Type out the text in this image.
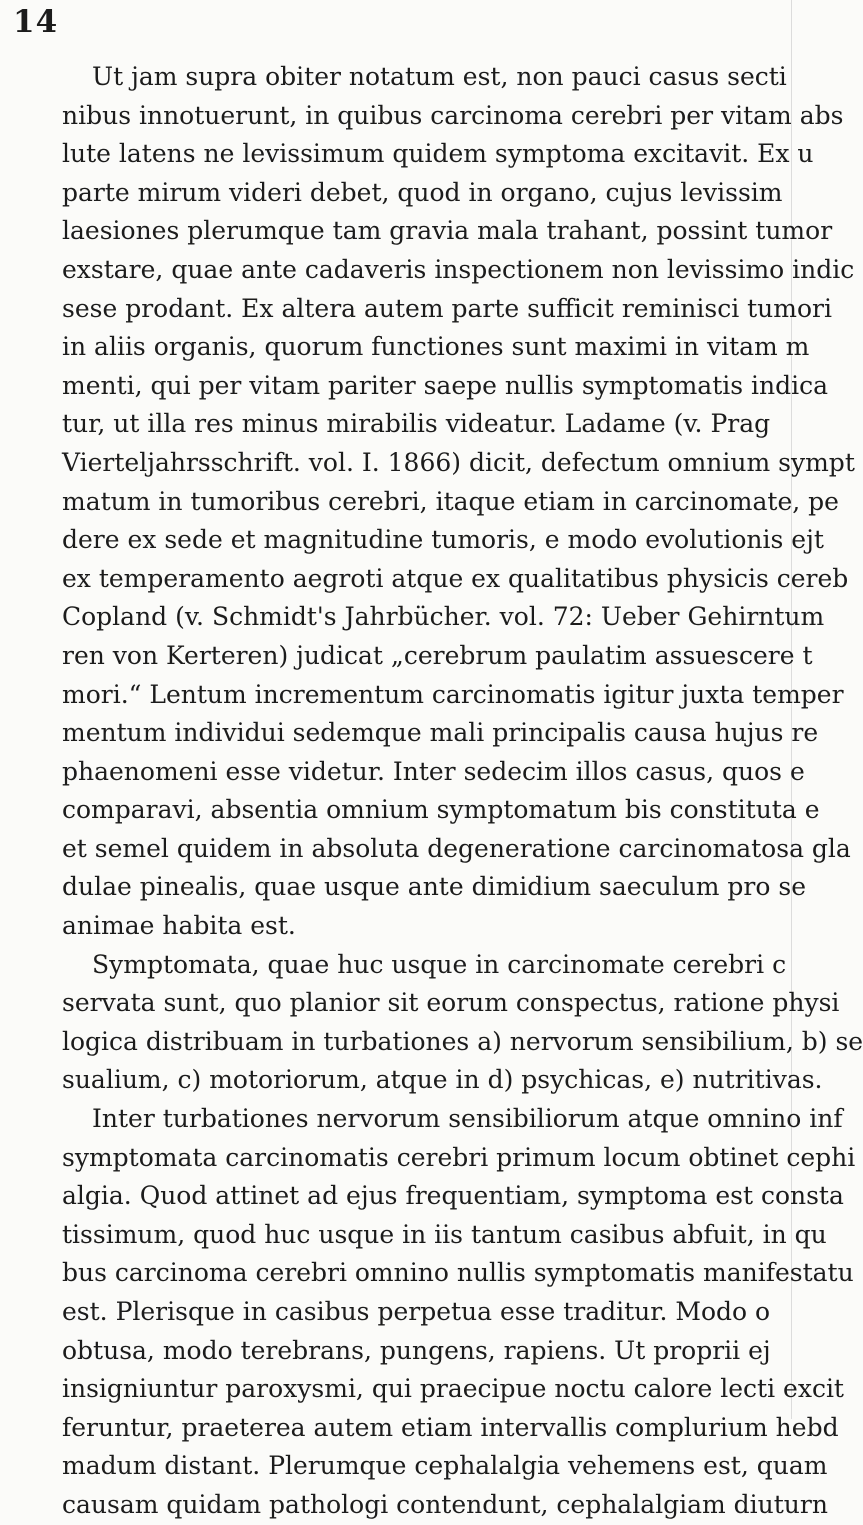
14
Ut jam supra obiter notatum est, non pauci casus secti
nibus innotuerunt, in quibus carcinoma cerebri per vitam abs
lute latens ne levissimum quidem symptoma excitavit. Ex u
parte mirum videri debet, quod in organo, cujus levissim
laesiones plerumque tam gravia mala trahant, possint tumor
exstare, quae ante cadaveris inspectionem non levissimo indic
sese prodant. Ex altera autem parte sufficit reminisci tumori
in aliis organis, quorum functiones sunt maximi in vitam m
menti, qui per vitam pariter saepe nullis symptomatis indica
tur, ut illa res minus mirabilis videatur. Ladame (v. Prag
Vierteljahrsschrift. vol. I. 1866) dicit, defectum omnium sympt
matum in tumoribus cerebri, itaque etiam in carcinomate, pe
dere ex sede et magnitudine tumoris, e modo evolutionis ejt
ex temperamento aegroti atque ex qualitatibus physicis cereb
Copland (v. Schmidt's Jahrbücher. vol. 72: Ueber Gehirntum
ren von Kerteren) judicat „cerebrum paulatim assuescere t
mori.“ Lentum incrementum carcinomatis igitur juxta temper
mentum individui sedemque mali principalis causa hujus re
phaenomeni esse videtur. Inter sedecim illos casus, quos e
comparavi, absentia omnium symptomatum bis constituta e
et semel quidem in absoluta degeneratione carcinomatosa gla
dulae pinealis, quae usque ante dimidium saeculum pro se
animae habita est.
Symptomata, quae huc usque in carcinomate cerebri c
servata sunt, quo planior sit eorum conspectus, ratione physi
logica distribuam in turbationes a) nervorum sensibilium, b) se
sualium, c) motoriorum, atque in d) psychicas, e) nutritivas.
Inter turbationes nervorum sensibiliorum atque omnino inf
symptomata carcinomatis cerebri primum locum obtinet cephi
algia. Quod attinet ad ejus frequentiam, symptoma est consta
tissimum, quod huc usque in iis tantum casibus abfuit, in qu
bus carcinoma cerebri omnino nullis symptomatis manifestatu
est. Plerisque in casibus perpetua esse traditur. Modo o
obtusa, modo terebrans, pungens, rapiens. Ut proprii ej
insigniuntur paroxysmi, qui praecipue noctu calore lecti excit
feruntur, praeterea autem etiam intervallis complurium hebd
madum distant. Plerumque cephalalgia vehemens est, quam
causam quidam pathologi contendunt, cephalalgiam diuturn
